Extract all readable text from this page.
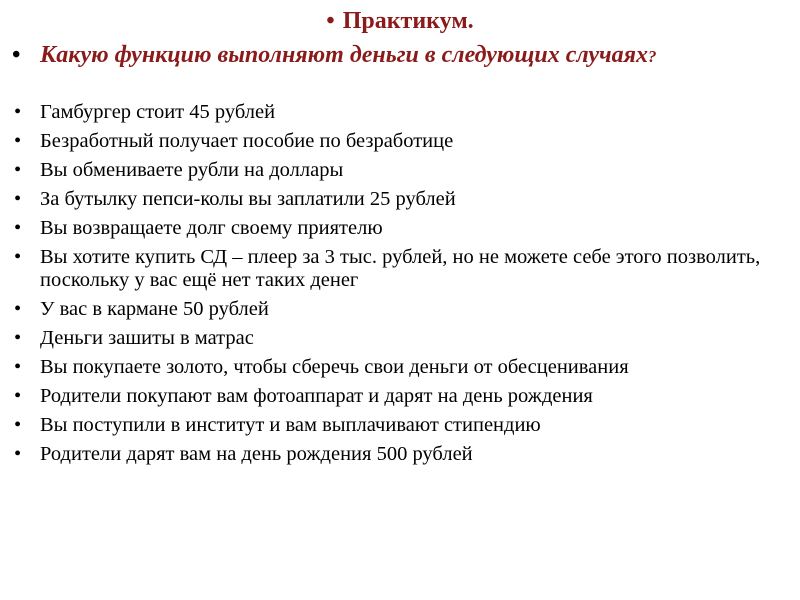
• Практикум.
• Какую функцию выполняют деньги в следующих случаях?
• Гамбургер стоит 45 рублей
• Безработный получает пособие по безработице
• Вы обмениваете рубли на доллары
• За бутылку пепси-колы вы заплатили 25 рублей
• Вы возвращаете долг своему приятелю
• Вы хотите купить СД – плеер за 3 тыс. рублей, но не можете себе этого позволить, поскольку у вас ещё нет таких денег
• У вас в кармане 50 рублей
• Деньги зашиты в матрас
• Вы покупаете золото, чтобы сберечь свои деньги от обесценивания
• Родители покупают вам фотоаппарат и дарят на день рождения
• Вы поступили в институт и вам выплачивают стипендию
• Родители дарят вам на день рождения 500 рублей
